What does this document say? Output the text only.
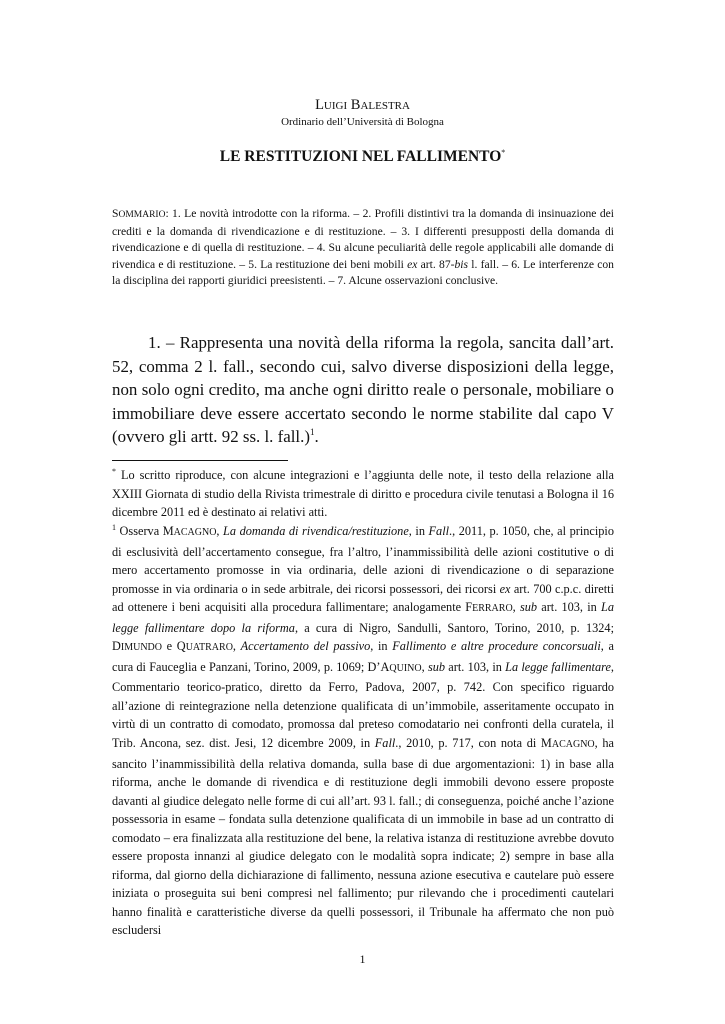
LUIGI BALESTRA
Ordinario dell’Università di Bologna
LE RESTITUZIONI NEL FALLIMENTO*
SOMMARIO: 1. Le novità introdotte con la riforma. – 2. Profili distintivi tra la domanda di insinuazione dei crediti e la domanda di rivendicazione e di restituzione. – 3. I differenti presupposti della domanda di rivendicazione e di quella di restituzione. – 4. Su alcune peculiarità delle regole applicabili alle domande di rivendica e di restituzione. – 5. La restituzione dei beni mobili ex art. 87-bis l. fall. – 6. Le interferenze con la disciplina dei rapporti giuridici preesistenti. – 7. Alcune osservazioni conclusive.
1. – Rappresenta una novità della riforma la regola, sancita dall’art. 52, comma 2 l. fall., secondo cui, salvo diverse disposizioni della legge, non solo ogni credito, ma anche ogni diritto reale o personale, mobiliare o immobiliare deve essere accertato secondo le norme stabilite dal capo V (ovvero gli artt. 92 ss. l. fall.)$^1$.
* Lo scritto riproduce, con alcune integrazioni e l’aggiunta delle note, il testo della relazione alla XXIII Giornata di studio della Rivista trimestrale di diritto e procedura civile tenutasi a Bologna il 16 dicembre 2011 ed è destinato ai relativi atti.
$^1$ Osserva MACAGNO, La domanda di rivendica/restituzione, in Fall., 2011, p. 1050, che, al principio di esclusività dell’accertamento consegue, fra l’altro, l’inammissibilità delle azioni costitutive o di mero accertamento promosse in via ordinaria, delle azioni di rivendicazione o di separazione promosse in via ordinaria o in sede arbitrale, dei ricorsi possessori, dei ricorsi ex art. 700 c.p.c. diretti ad ottenere i beni acquisiti alla procedura fallimentare; analogamente FERRARO, sub art. 103, in La legge fallimentare dopo la riforma, a cura di Nigro, Sandulli, Santoro, Torino, 2010, p. 1324; DIMUNDO e QUATRARO, Accertamento del passivo, in Fallimento e altre procedure concorsuali, a cura di Fauceglia e Panzani, Torino, 2009, p. 1069; D’AQUINO, sub art. 103, in La legge fallimentare, Commentario teorico-pratico, diretto da Ferro, Padova, 2007, p. 742. Con specifico riguardo all’azione di reintegrazione nella detenzione qualificata di un’immobile, asseritamente occupato in virtù di un contratto di comodato, promossa dal preteso comodatario nei confronti della curatela, il Trib. Ancona, sez. dist. Jesi, 12 dicembre 2009, in Fall., 2010, p. 717, con nota di MACAGNO, ha sancito l’inammissibilità della relativa domanda, sulla base di due argomentazioni: 1) in base alla riforma, anche le domande di rivendica e di restituzione degli immobili devono essere proposte davanti al giudice delegato nelle forme di cui all’art. 93 l. fall.; di conseguenza, poiché anche l’azione possessoria in esame – fondata sulla detenzione qualificata di un immobile in base ad un contratto di comodato – era finalizzata alla restituzione del bene, la relativa istanza di restituzione avrebbe dovuto essere proposta innanzi al giudice delegato con le modalità sopra indicate; 2) sempre in base alla riforma, dal giorno della dichiarazione di fallimento, nessuna azione esecutiva e cautelare può essere iniziata o proseguita sui beni compresi nel fallimento; pur rilevando che i procedimenti cautelari hanno finalità e caratteristiche diverse da quelli possessori, il Tribunale ha affermato che non può escludersi
1
